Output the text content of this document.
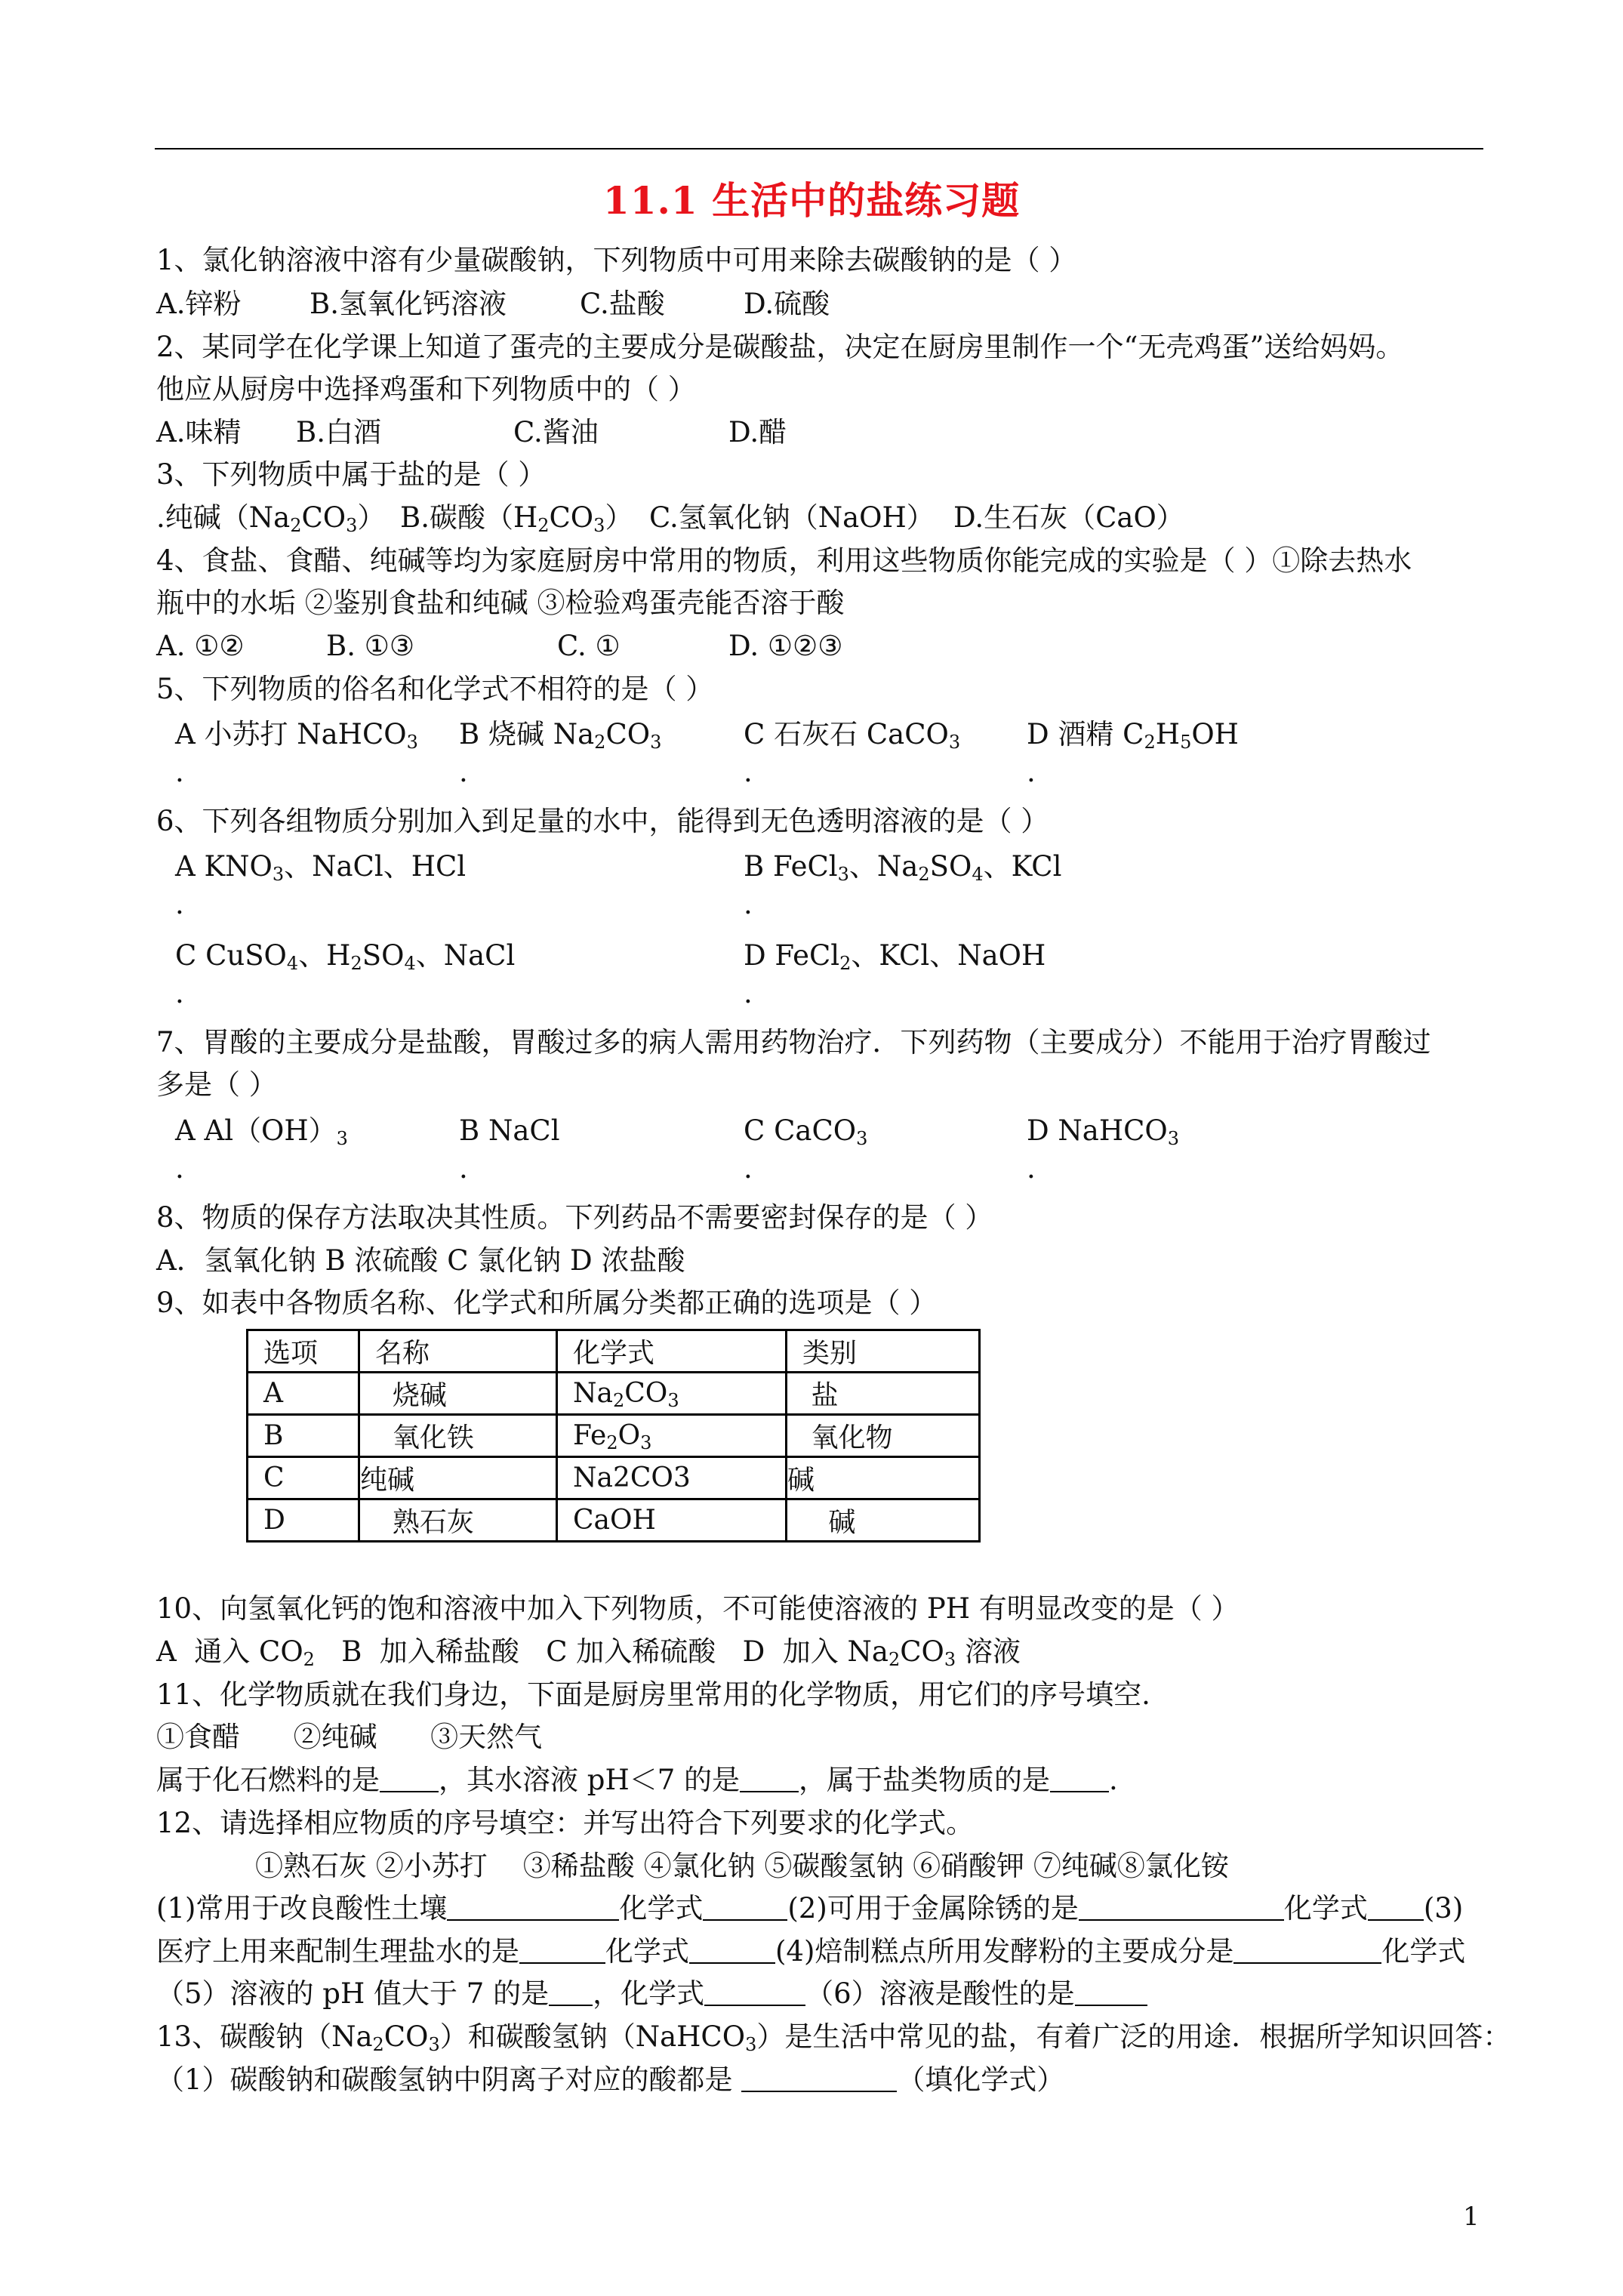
11.1 生活中的盐练习题
1、氯化钠溶液中溶有少量碳酸钠，下列物质中可用来除去碳酸钠的是（ ）
A.锌粉 B.氢氧化钙溶液	C.盐酸	D.硫酸
2、某同学在化学课上知道了蛋壳的主要成分是碳酸盐，决定在厨房里制作一个“无壳鸡蛋”送给妈妈。
他应从厨房中选择鸡蛋和下列物质中的（ ）
A.味精 B.白酒	C.酱油	D.醋
3、下列物质中属于盐的是（ ）
.纯碱$(Na_2CO_3)$ B.碳酸$(H_2CO_3)$ C.氢氧化钠（NaOH） D.生石灰（CaO）
4、食盐、食醋、纯碱等均为家庭厨房中常用的物质，利用这些物质你能完成的实验是（ ）①除去热水
瓶中的水垢 ②鉴别食盐和纯碱 ③检验鸡蛋壳能否溶于酸
A. ①②	B. ①③	C. ①	D. ①②③
5、下列物质的俗名和化学式不相符的是（ ）
A 小苏打 NaHCO$_3$ B 烧碱 $Na_2CO_3$	C 石灰石 CaCO$_3$ D 酒精 $C_2H_5OH$
.	.	.	.
6、下列各组物质分别加入到足量的水中，能得到无色透明溶液的是（ ）
A $KNO_3$、NaCl、HCl	B FeCl$_3$、$Na_2SO_4$、KCl
.	.
C CuSO$_4$、$H_2SO_4$、NaCl	D FeCl$_2$、KCl、NaOH
.	.
7、胃酸的主要成分是盐酸，胃酸过多的病人需用药物治疗．下列药物（主要成分）不能用于治疗胃酸过
多是（ ）
A $Al(OH)_3$	B NaCl	C CaCO$_3$	D NaHCO$_3$
.	.	.	.
8、物质的保存方法取决其性质。下列药品不需要密封保存的是（ ）
A．氢氧化钠 B 浓硫酸 C 氯化钠 D 浓盐酸
9、如表中各物质名称、化学式和所属分类都正确的选项是（ ）
选项	名称	化学式	类别
A	烧碱	$Na_2CO_3$	盐
B	氧化铁	$Fe_2O_3$	氧化物
C	纯碱	Na2CO3	碱
D	熟石灰	CaOH	碱
10、向氢氧化钙的饱和溶液中加入下列物质，不可能使溶液的 PH 有明显改变的是（ ）
A  通入 $CO_2$   B  加入稀盐酸   C 加入稀硫酸   D  加入 $Na_2CO_3$ 溶液
11、化学物质就在我们身边，下面是厨房里常用的化学物质，用它们的序号填空.
①食醋      ②纯碱      ③天然气
属于化石燃料的是 ，其水溶液 pH＜7 的是 ，属于盐类物质的是 .
12、请选择相应物质的序号填空：并写出符合下列要求的化学式。
①熟石灰 ②小苏打    ③稀盐酸 ④氯化钠 ⑤碳酸氢钠 ⑥硝酸钾 ⑦纯碱⑧氯化铵
(1)常用于改良酸性土壤	化学式	(2)可用于金属除锈的是	化学式 (3)
医疗上用来配制生理盐水的是	化学式	(4)焙制糕点所用发酵粉的主要成分是	化学式
（5）溶液的 pH 值大于 7 的是 ，化学式	（6）溶液是酸性的是
13、碳酸钠$(Na_2CO_3)$和碳酸氢钠（NaHCO$_3$）是生活中常见的盐，有着广泛的用途．根据所学知识回答：
（1）碳酸钠和碳酸氢钠中阴离子对应的酸都是	（填化学式）
1
